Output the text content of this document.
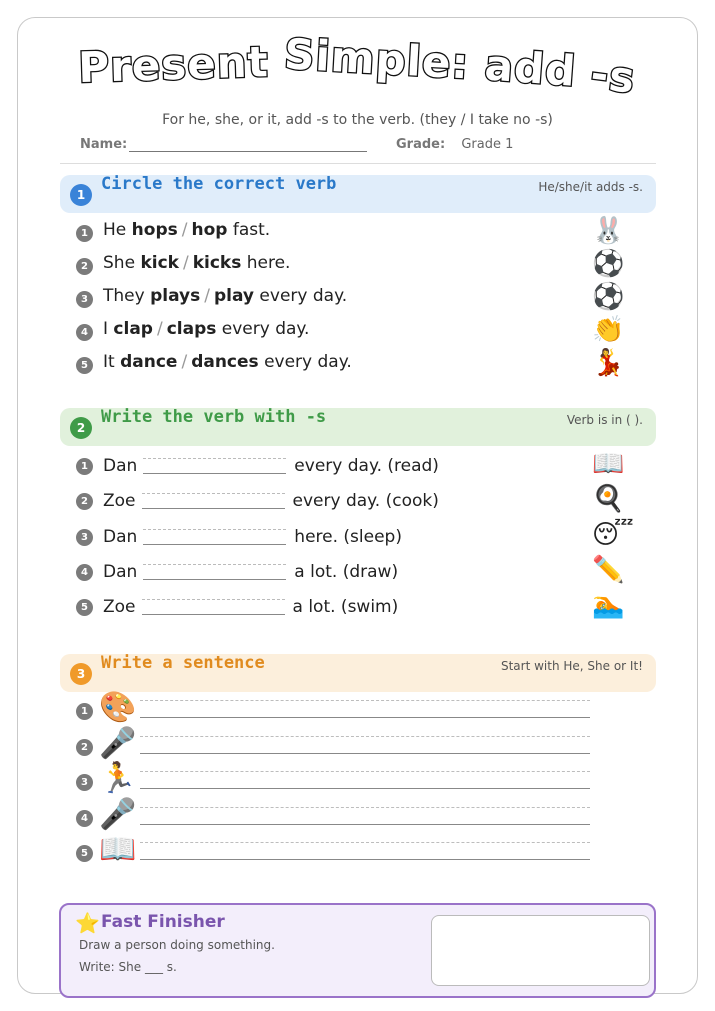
Present Simple: add -s
For he, she, or it, add -s to the verb. (they / I take no -s)
Name:	Grade: Grade 1
1
Circle the correct verb	He/she/it adds -s.
1 He hops / hop fast.	🐰
2 She kick / kicks here.	⚽
3 They plays / play every day.	⚽
4 I clap / claps every day.	👏
5 It dance / dances every day.	💃
2
Write the verb with -s	Verb is in ( ).
1 Dan	every day. (read)	📖
2 Zoe	every day. (cook)	🍳
3 Dan	here. (sleep)	😴
4 Dan	a lot. (draw)	✏️
5 Zoe	a lot. (swim)	🏊
3
Write a sentence	Start with He, She or It!
1 🎨
2 🎤
3 🏃
4 🎤
5 📖
⭐ Fast Finisher
Draw a person doing something.
Write: She ___ s.
